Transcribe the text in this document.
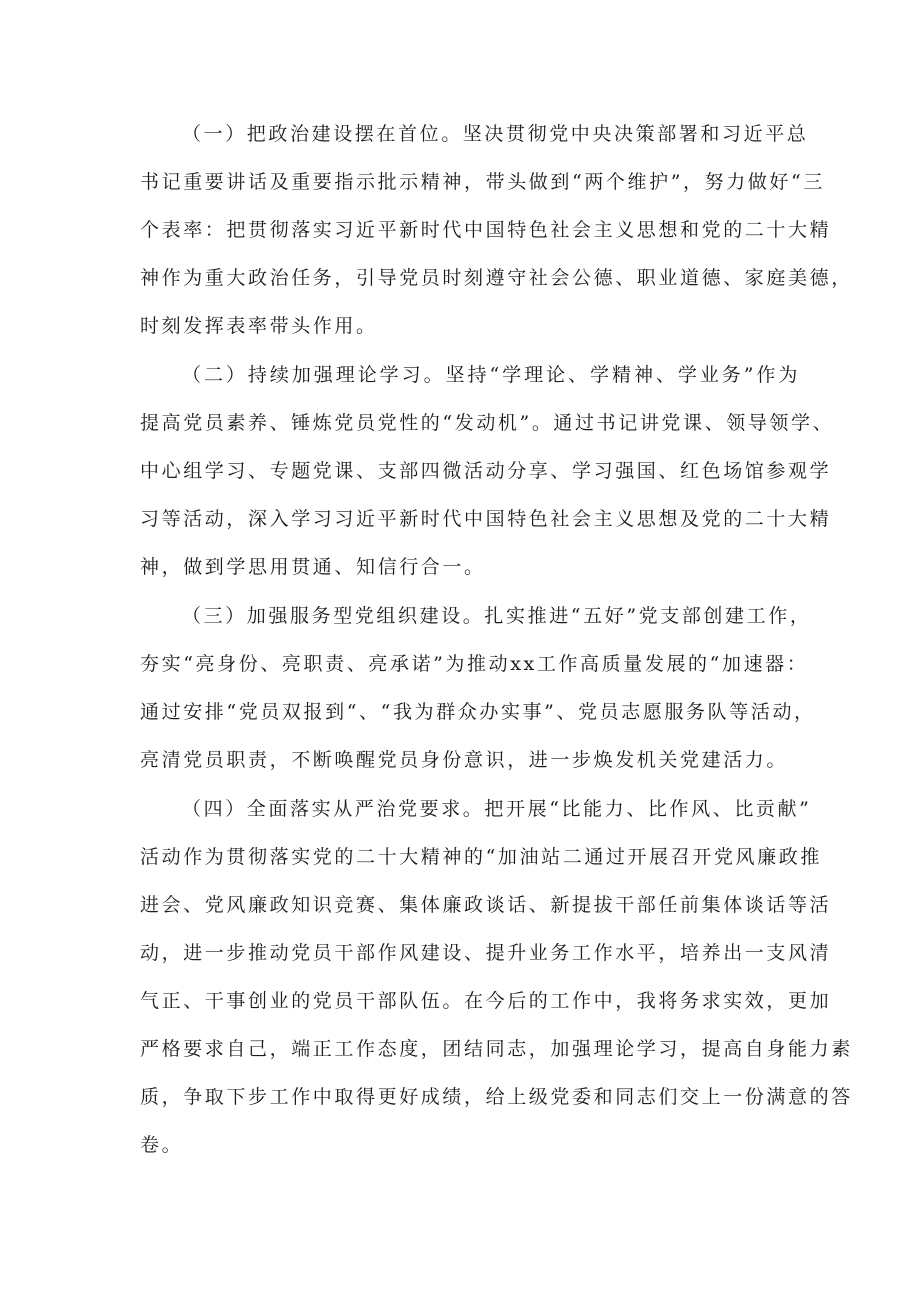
（一）把政治建设摆在首位。坚决贯彻党中央决策部署和习近平总
书记重要讲话及重要指示批示精神，带头做到“两个维护”，努力做好“三
个表率：把贯彻落实习近平新时代中国特色社会主义思想和党的二十大精
神作为重大政治任务，引导党员时刻遵守社会公德、职业道德、家庭美德，
时刻发挥表率带头作用。
（二）持续加强理论学习。坚持“学理论、学精神、学业务”作为
提高党员素养、锤炼党员党性的“发动机”。通过书记讲党课、领导领学、
中心组学习、专题党课、支部四微活动分享、学习强国、红色场馆参观学
习等活动，深入学习习近平新时代中国特色社会主义思想及党的二十大精
神，做到学思用贯通、知信行合一。
（三）加强服务型党组织建设。扎实推进“五好”党支部创建工作，
夯实“亮身份、亮职责、亮承诺”为推动xx工作高质量发展的“加速器：
通过安排“党员双报到“、“我为群众办实事”、党员志愿服务队等活动，
亮清党员职责，不断唤醒党员身份意识，进一步焕发机关党建活力。
（四）全面落实从严治党要求。把开展“比能力、比作风、比贡献”
活动作为贯彻落实党的二十大精神的“加油站二通过开展召开党风廉政推
进会、党风廉政知识竞赛、集体廉政谈话、新提拔干部任前集体谈话等活
动，进一步推动党员干部作风建设、提升业务工作水平，培养出一支风清
气正、干事创业的党员干部队伍。在今后的工作中，我将务求实效，更加
严格要求自己，端正工作态度，团结同志，加强理论学习，提高自身能力素
质，争取下步工作中取得更好成绩，给上级党委和同志们交上一份满意的答
卷。
